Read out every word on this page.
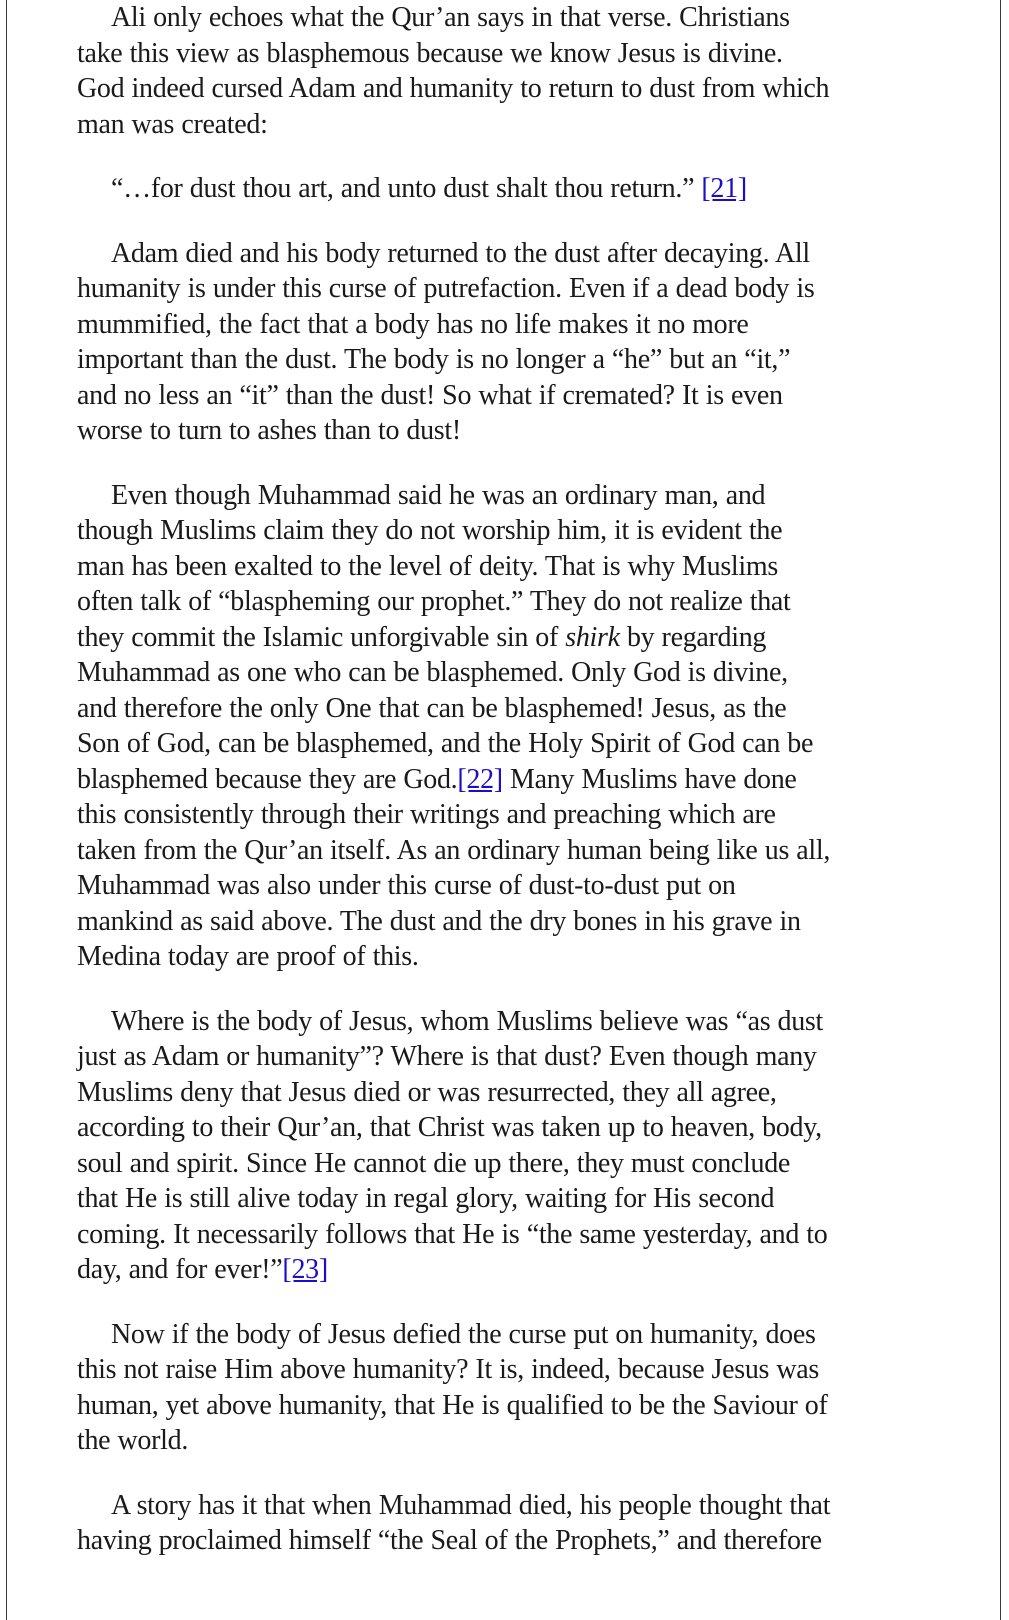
Ali only echoes what the Qur’an says in that verse. Christians
take this view as blasphemous because we know Jesus is divine.
God indeed cursed Adam and humanity to return to dust from which
man was created:

“…for dust thou art, and unto dust shalt thou return.” [21]

Adam died and his body returned to the dust after decaying. All
humanity is under this curse of putrefaction. Even if a dead body is
mummified, the fact that a body has no life makes it no more
important than the dust. The body is no longer a “he” but an “it,”
and no less an “it” than the dust! So what if cremated? It is even
worse to turn to ashes than to dust!

Even though Muhammad said he was an ordinary man, and
though Muslims claim they do not worship him, it is evident the
man has been exalted to the level of deity. That is why Muslims
often talk of “blaspheming our prophet.” They do not realize that
they commit the Islamic unforgivable sin of shirk by regarding
Muhammad as one who can be blasphemed. Only God is divine,
and therefore the only One that can be blasphemed! Jesus, as the
Son of God, can be blasphemed, and the Holy Spirit of God can be
blasphemed because they are God.[22] Many Muslims have done
this consistently through their writings and preaching which are
taken from the Qur’an itself. As an ordinary human being like us all,
Muhammad was also under this curse of dust-to-dust put on
mankind as said above. The dust and the dry bones in his grave in
Medina today are proof of this.

Where is the body of Jesus, whom Muslims believe was “as dust
just as Adam or humanity”? Where is that dust? Even though many
Muslims deny that Jesus died or was resurrected, they all agree,
according to their Qur’an, that Christ was taken up to heaven, body,
soul and spirit. Since He cannot die up there, they must conclude
that He is still alive today in regal glory, waiting for His second
coming. It necessarily follows that He is “the same yesterday, and to
day, and for ever!”[23]

Now if the body of Jesus defied the curse put on humanity, does
this not raise Him above humanity? It is, indeed, because Jesus was
human, yet above humanity, that He is qualified to be the Saviour of
the world.

A story has it that when Muhammad died, his people thought that
having proclaimed himself “the Seal of the Prophets,” and therefore
